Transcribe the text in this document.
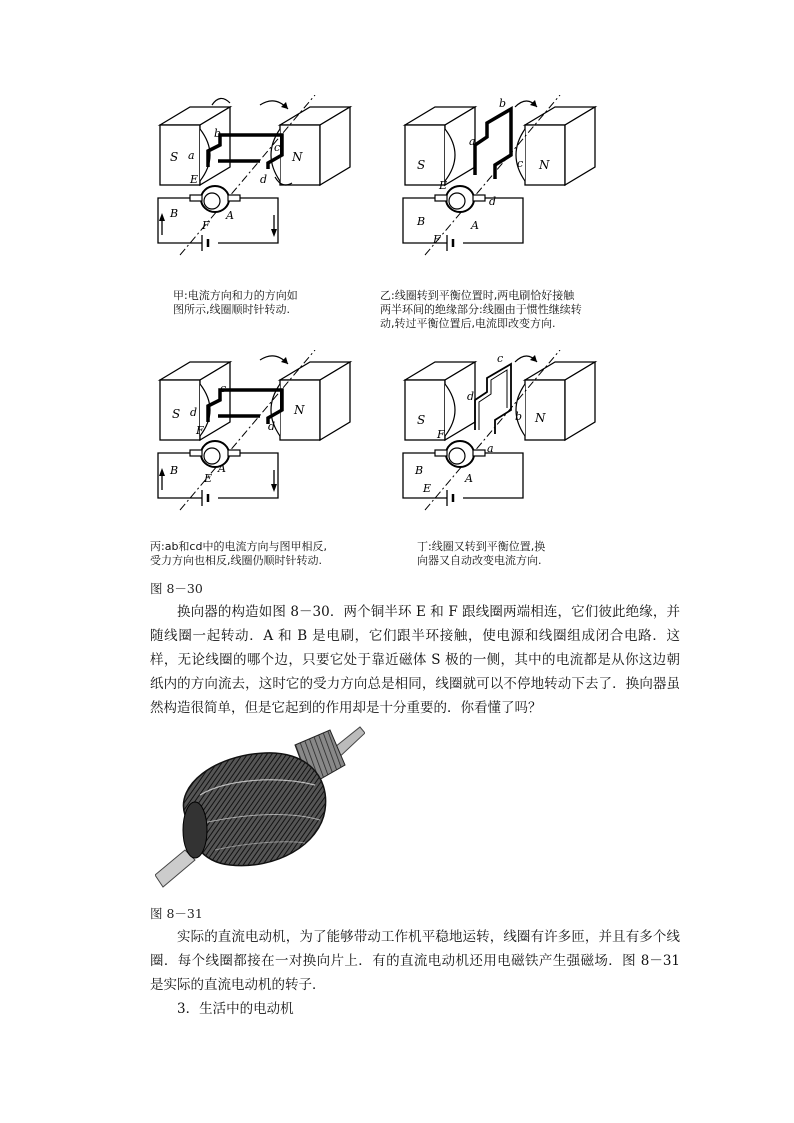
S	N
a
b
c
d
E
F
A
B
甲:电流方向和力的方向如
图所示,线圈顺时针转动.
S	N
a
b
c
d
E
F
A
B
乙:线圈转到平衡位置时,两电刷恰好接触
两半环间的绝缘部分:线圈由于惯性继续转
动,转过平衡位置后,电流即改变方向.
S	N
c
d
d
F
E
A
B
丙:ab和cd中的电流方向与图甲相反,
受力方向也相反,线圈仍顺时针转动.
S	N
c
d
b
a
F
E
A
B
丁:线圈又转到平衡位置,换
向器又自动改变电流方向.
图 8－30
换向器的构造如图 8－30．两个铜半环 E 和 F 跟线圈两端相连，它们彼此绝缘，并随线圈一起转动．A 和 B 是电刷，它们跟半环接触，使电源和线圈组成闭合电路．这样，无论线圈的哪个边，只要它处于靠近磁体 S 极的一侧，其中的电流都是从你这边朝纸内的方向流去，这时它的受力方向总是相同，线圈就可以不停地转动下去了．换向器虽然构造很简单，但是它起到的作用却是十分重要的．你看懂了吗？
图 8－31
实际的直流电动机，为了能够带动工作机平稳地运转，线圈有许多匝，并且有多个线圈．每个线圈都接在一对换向片上．有的直流电动机还用电磁铁产生强磁场．图 8－31 是实际的直流电动机的转子．
3．生活中的电动机
